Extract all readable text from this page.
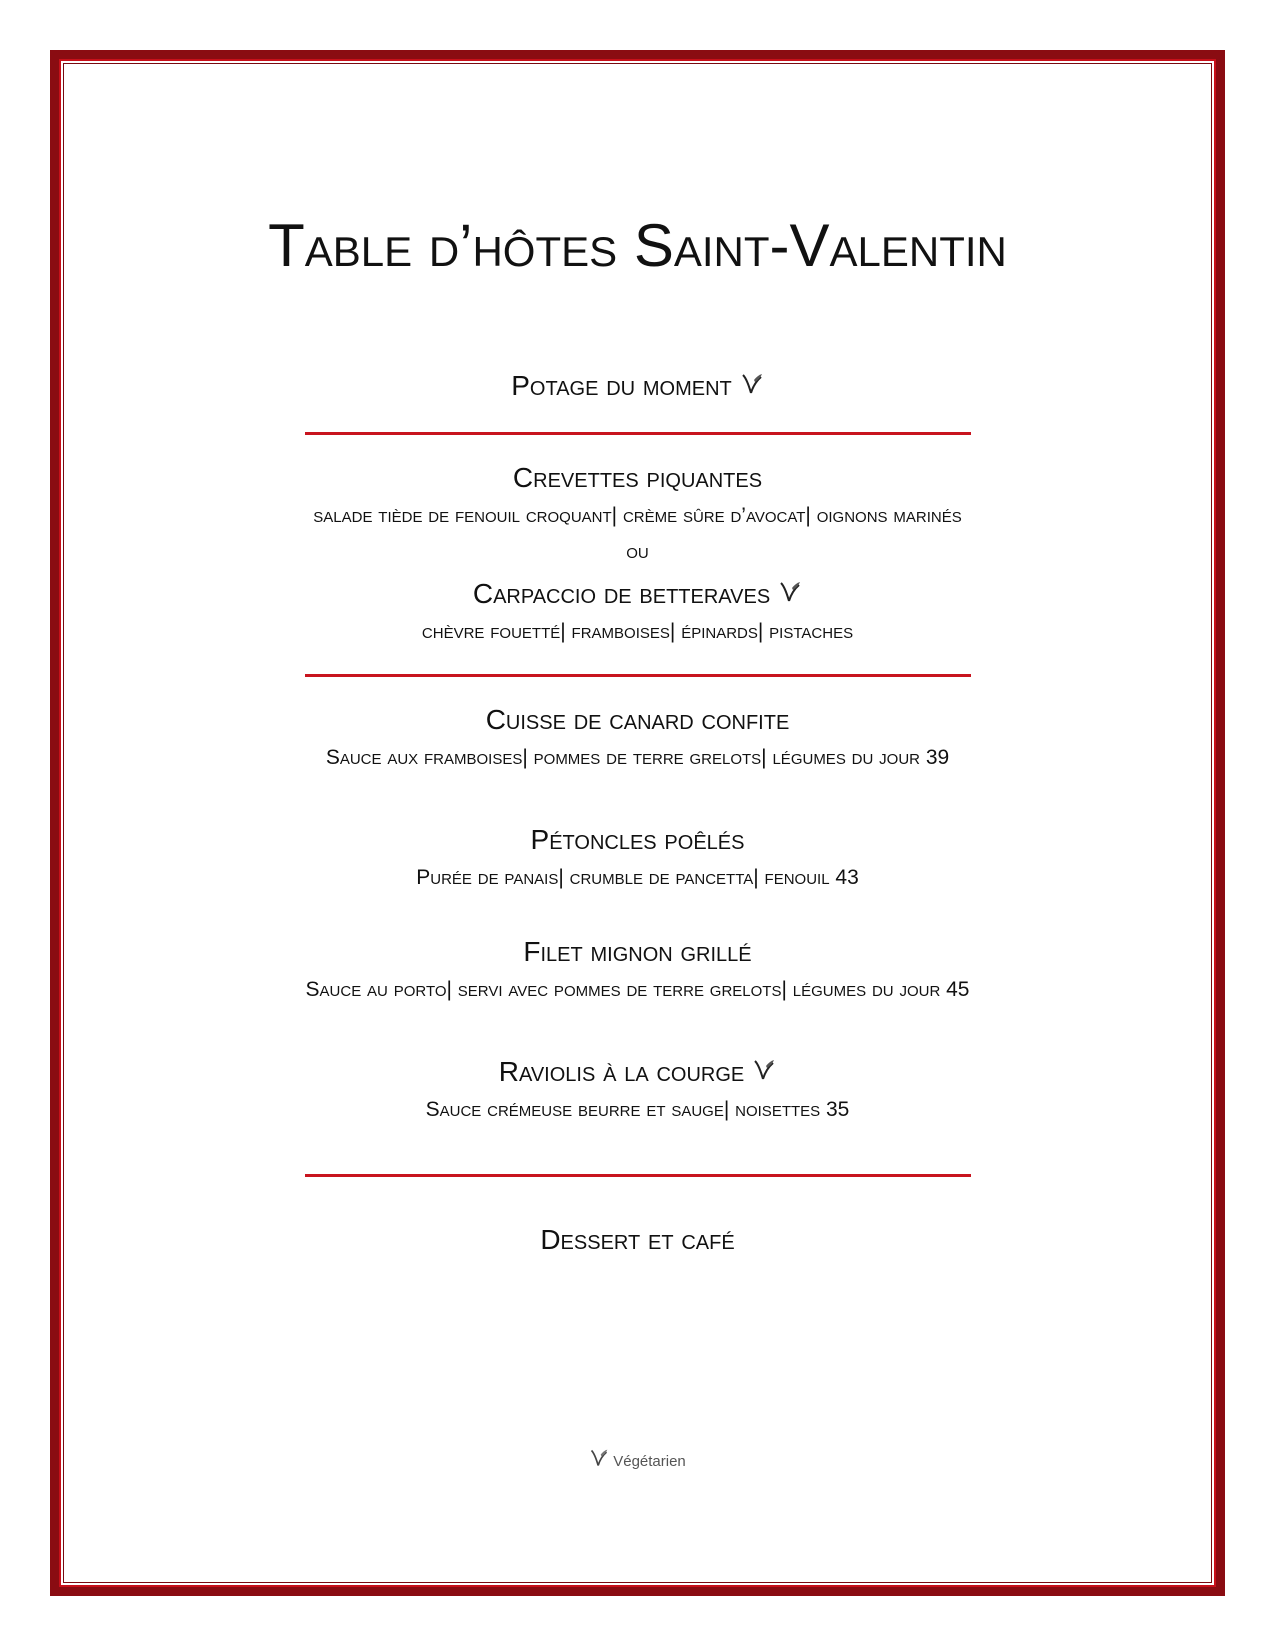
Table d’hôtes Saint-Valentin
Potage du moment
Crevettes piquantes
salade tiède de fenouil croquant| crème sûre d’avocat| oignons marinés
ou
Carpaccio de betteraves
chèvre fouetté| framboises| épinards| pistaches
Cuisse de canard confite
Sauce aux framboises| pommes de terre grelots| légumes du jour 39
Pétoncles poêlés
Purée de panais| crumble de pancetta| fenouil 43
Filet mignon grillé
Sauce au porto| servi avec pommes de terre grelots| légumes du jour 45
Raviolis à la courge
Sauce crémeuse beurre et sauge| noisettes 35
Dessert et café
Végétarien
